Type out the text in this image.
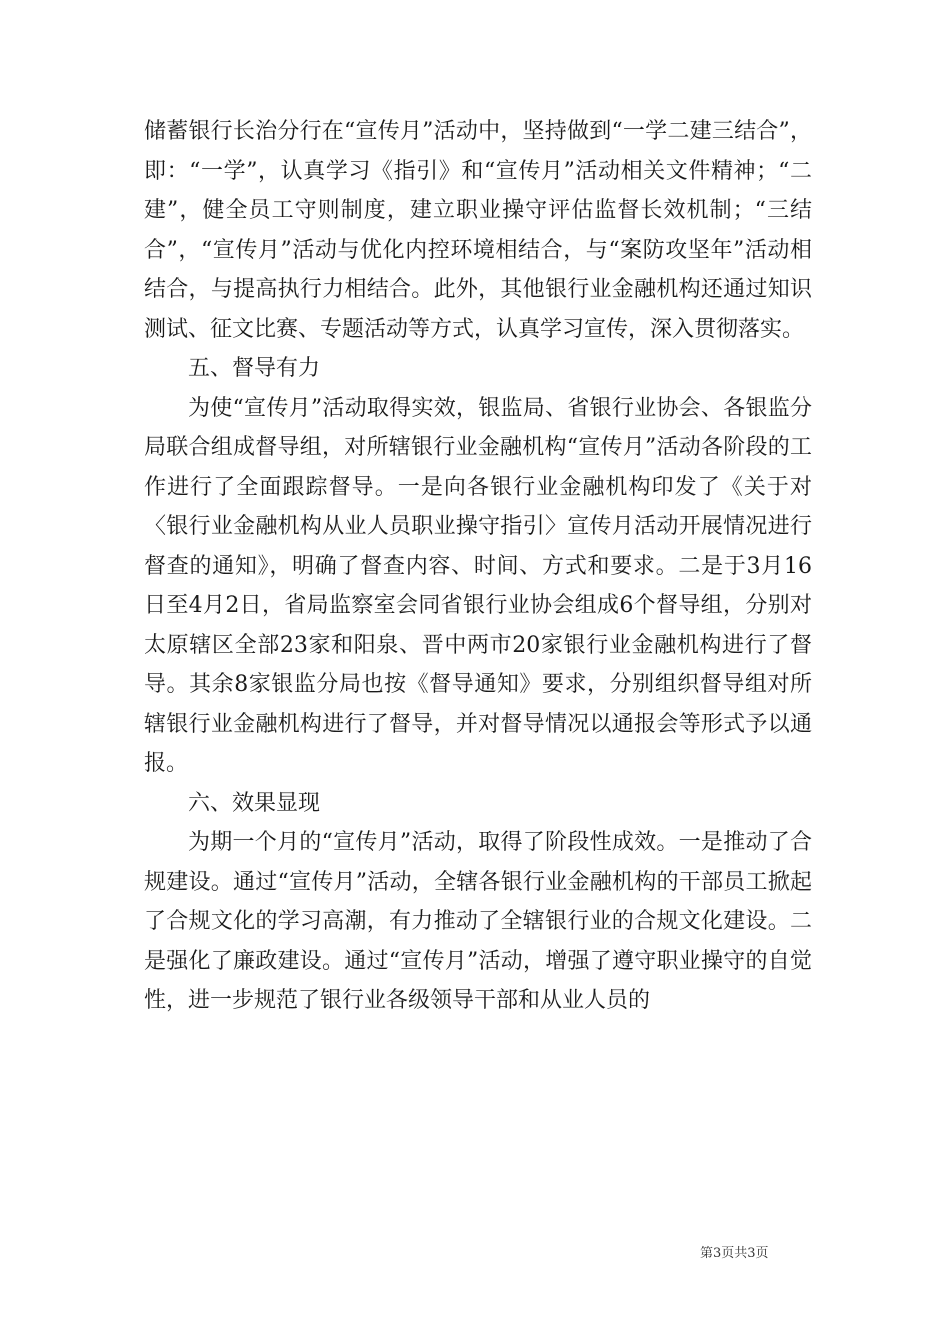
储蓄银行长治分行在“宣传月”活动中，坚持做到“一学二建三结合”，即：“一学”，认真学习《指引》和“宣传月”活动相关文件精神；“二建”，健全员工守则制度，建立职业操守评估监督长效机制；“三结合”，“宣传月”活动与优化内控环境相结合，与“案防攻坚年”活动相结合，与提高执行力相结合。此外，其他银行业金融机构还通过知识测试、征文比赛、专题活动等方式，认真学习宣传，深入贯彻落实。

五、督导有力

为使“宣传月”活动取得实效，银监局、省银行业协会、各银监分局联合组成督导组，对所辖银行业金融机构“宣传月”活动各阶段的工作进行了全面跟踪督导。一是向各银行业金融机构印发了《关于对〈银行业金融机构从业人员职业操守指引〉宣传月活动开展情况进行督查的通知》，明确了督查内容、时间、方式和要求。二是于3月16日至4月2日，省局监察室会同省银行业协会组成6个督导组，分别对太原辖区全部23家和阳泉、晋中两市20家银行业金融机构进行了督导。其余8家银监分局也按《督导通知》要求，分别组织督导组对所辖银行业金融机构进行了督导，并对督导情况以通报会等形式予以通报。

六、效果显现

为期一个月的“宣传月”活动，取得了阶段性成效。一是推动了合规建设。通过“宣传月”活动，全辖各银行业金融机构的干部员工掀起了合规文化的学习高潮，有力推动了全辖银行业的合规文化建设。二是强化了廉政建设。通过“宣传月”活动，增强了遵守职业操守的自觉性，进一步规范了银行业各级领导干部和从业人员的

第3页共3页
